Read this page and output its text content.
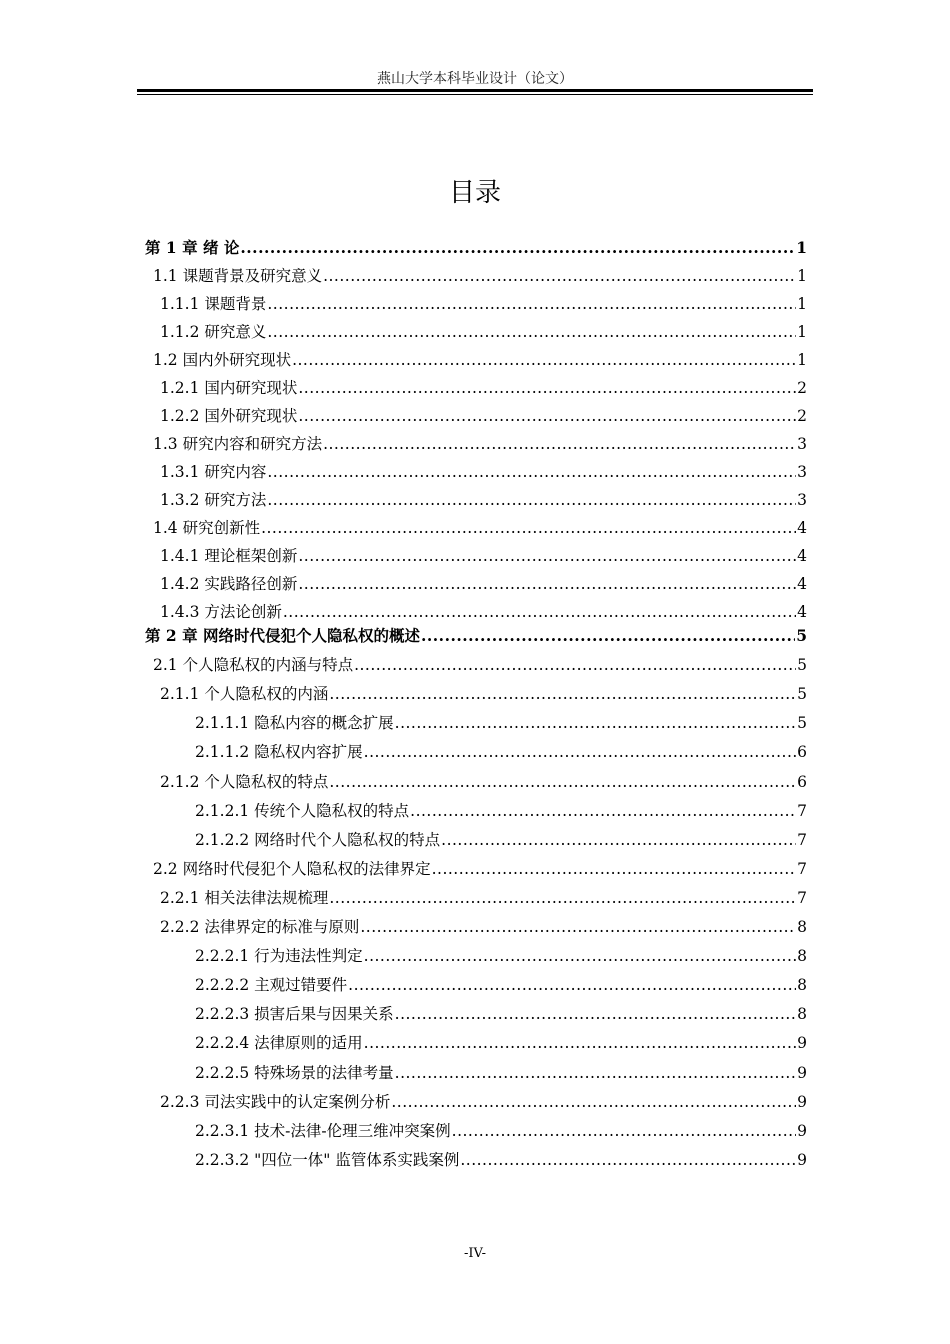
燕山大学本科毕业设计（论文）
目录
第 1 章 绪 论 .....	1
1.1 课题背景及研究意义 .....	1
1.1.1 课题背景 .....	1
1.1.2 研究意义 .....	1
1.2 国内外研究现状 .....	1
1.2.1 国内研究现状 .....	2
1.2.2 国外研究现状 .....	2
1.3 研究内容和研究方法 .....	3
1.3.1 研究内容 .....	3
1.3.2 研究方法 .....	3
1.4 研究创新性 .....	4
1.4.1 理论框架创新 .....	4
1.4.2 实践路径创新 .....	4
1.4.3 方法论创新 .....	4
第 2 章 网络时代侵犯个人隐私权的概述 .....	5
2.1 个人隐私权的内涵与特点 .....	5
2.1.1 个人隐私权的内涵 .....	5
2.1.1.1 隐私内容的概念扩展 .....	5
2.1.1.2 隐私权内容扩展 .....	6
2.1.2 个人隐私权的特点 .....	6
2.1.2.1 传统个人隐私权的特点 .....	7
2.1.2.2 网络时代个人隐私权的特点 .....	7
2.2 网络时代侵犯个人隐私权的法律界定 .....	7
2.2.1 相关法律法规梳理 .....	7
2.2.2 法律界定的标准与原则 .....	8
2.2.2.1 行为违法性判定 .....	8
2.2.2.2 主观过错要件 .....	8
2.2.2.3 损害后果与因果关系 .....	8
2.2.2.4 法律原则的适用 .....	9
2.2.2.5 特殊场景的法律考量 .....	9
2.2.3 司法实践中的认定案例分析 .....	9
2.2.3.1 技术-法律-伦理三维冲突案例 .....	9
2.2.3.2 "四位一体" 监管体系实践案例 .....	9
-IV-
